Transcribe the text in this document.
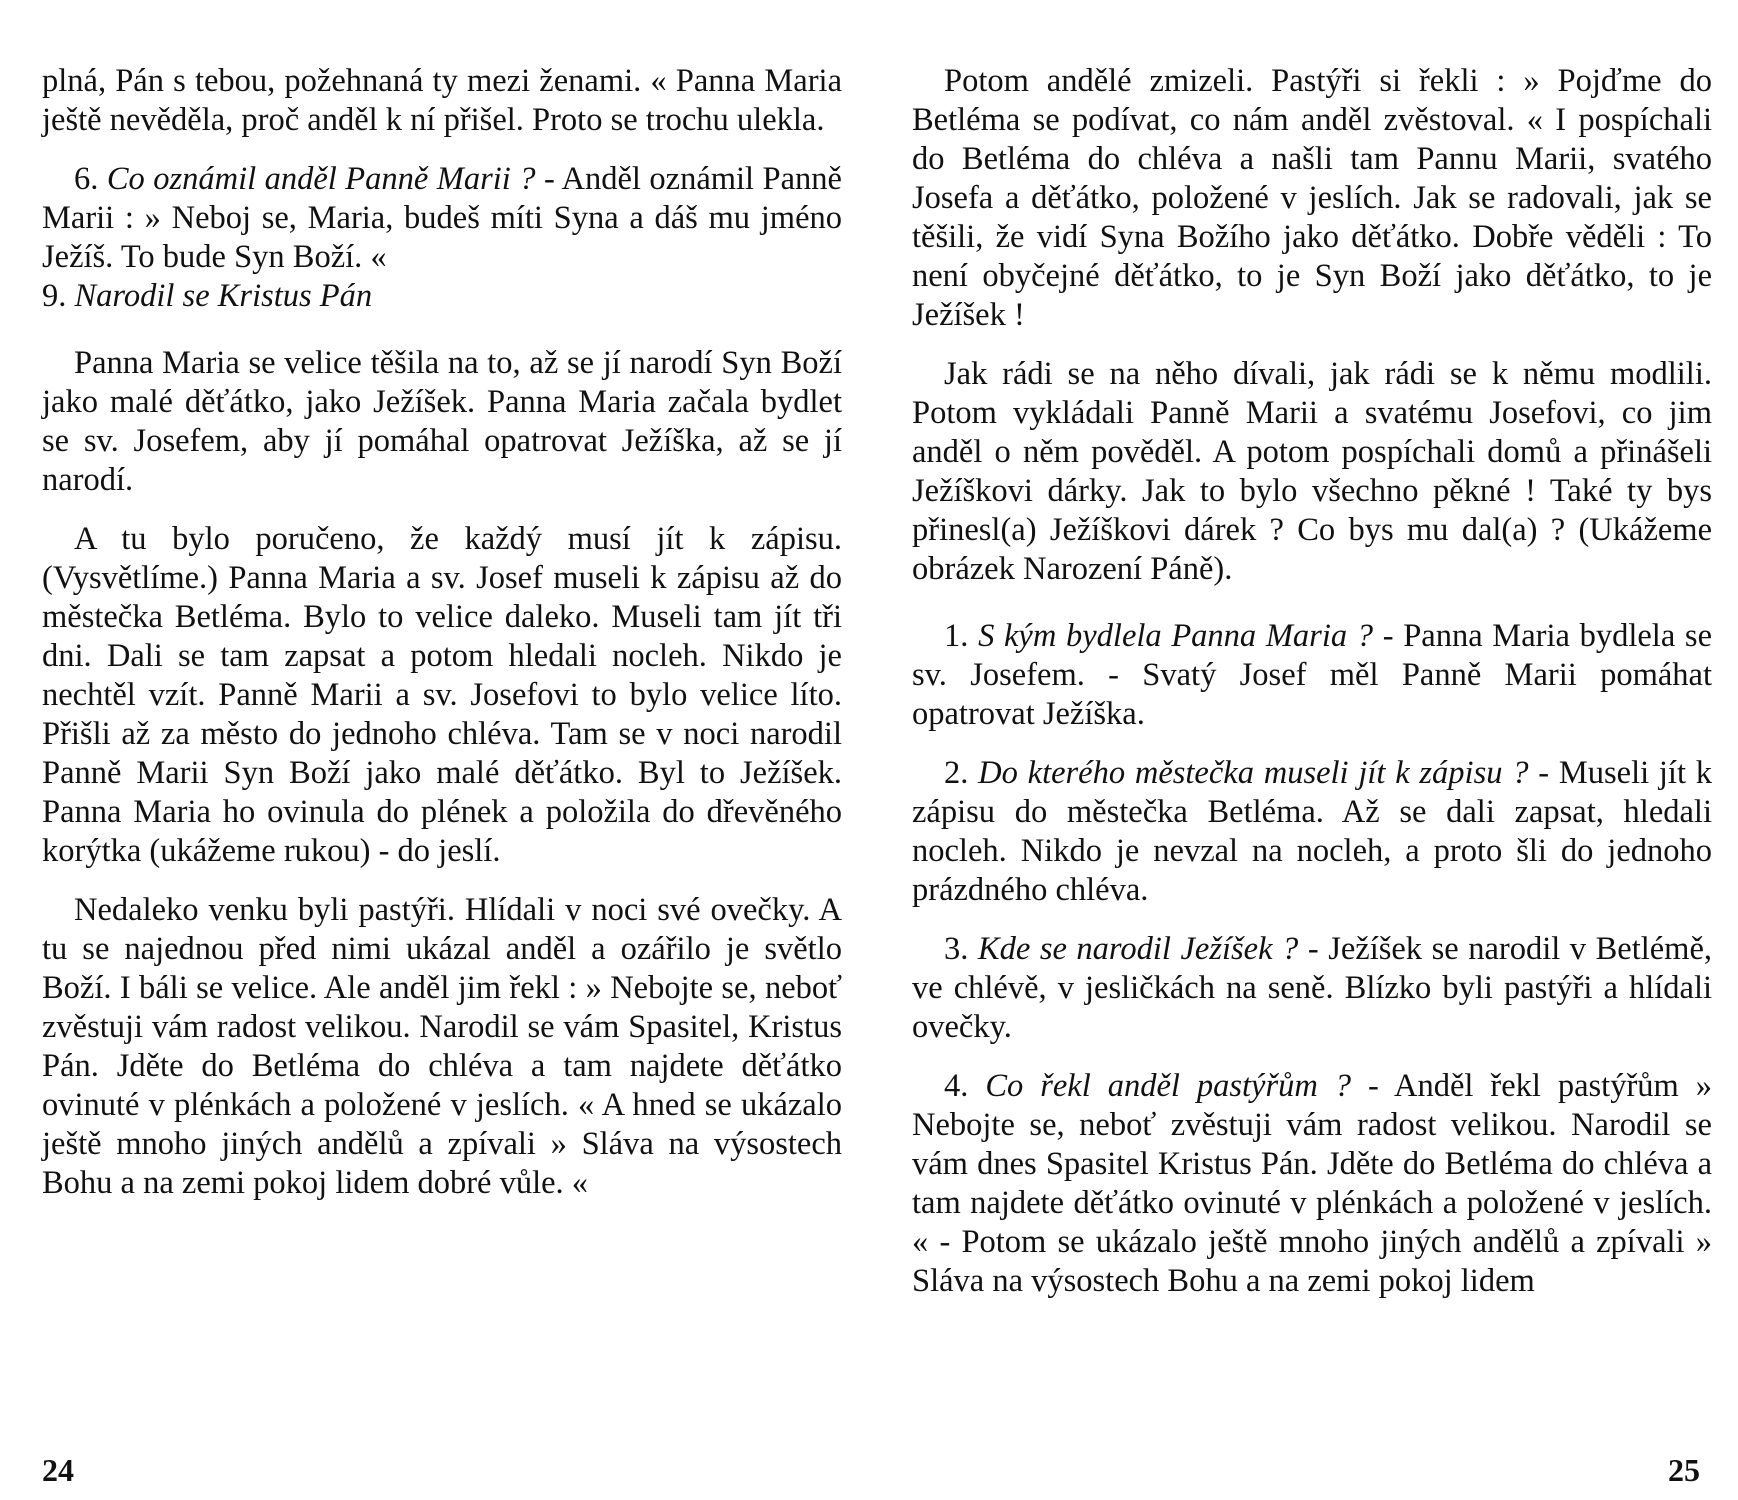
plná, Pán s tebou, požehnaná ty mezi ženami. « Panna Maria ještě nevěděla, proč anděl k ní přišel. Proto se trochu ulekla.

6. Co oznámil anděl Panně Marii ? - Anděl oznámil Panně Marii : » Neboj se, Maria, budeš míti Syna a dáš mu jméno Ježíš. To bude Syn Boží. «

9. Narodil se Kristus Pán

Panna Maria se velice těšila na to, až se jí narodí Syn Boží jako malé děťátko, jako Ježíšek. Panna Maria začala bydlet se sv. Josefem, aby jí pomáhal opatrovat Ježíška, až se jí narodí.

A tu bylo poručeno, že každý musí jít k zápisu. (Vysvětlíme.) Panna Maria a sv. Josef museli k zápisu až do městečka Betléma. Bylo to velice daleko. Museli tam jít tři dni. Dali se tam zapsat a potom hledali nocleh. Nikdo je nechtěl vzít. Panně Marii a sv. Josefovi to bylo velice líto. Přišli až za město do jednoho chléva. Tam se v noci narodil Panně Marii Syn Boží jako malé děťátko. Byl to Ježíšek. Panna Maria ho ovinula do plének a položila do dřevěného korýtka (ukážeme rukou) - do jeslí.

Nedaleko venku byli pastýři. Hlídali v noci své ovečky. A tu se najednou před nimi ukázal anděl a ozářilo je světlo Boží. I báli se velice. Ale anděl jim řekl : » Nebojte se, neboť zvěstuji vám radost velikou. Narodil se vám Spasitel, Kristus Pán. Jděte do Betléma do chléva a tam najdete děťátko ovinuté v plénkách a položené v jeslích. « A hned se ukázalo ještě mnoho jiných andělů a zpívali » Sláva na výsostech Bohu a na zemi pokoj lidem dobré vůle. «

Potom andělé zmizeli. Pastýři si řekli : » Pojďme do Betléma se podívat, co nám anděl zvěstoval. « I pospíchali do Betléma do chléva a našli tam Pannu Marii, svatého Josefa a děťátko, položené v jeslích. Jak se radovali, jak se těšili, že vidí Syna Božího jako děťátko. Dobře věděli : To není obyčejné děťátko, to je Syn Boží jako děťátko, to je Ježíšek !

Jak rádi se na něho dívali, jak rádi se k němu modlili. Potom vykládali Panně Marii a svatému Josefovi, co jim anděl o něm pověděl. A potom pospíchali domů a přinášeli Ježíškovi dárky. Jak to bylo všechno pěkné ! Také ty bys přinesl(a) Ježíškovi dárek ? Co bys mu dal(a) ? (Ukážeme obrázek Narození Páně).

1. S kým bydlela Panna Maria ? - Panna Maria bydlela se sv. Josefem. - Svatý Josef měl Panně Marii pomáhat opatrovat Ježíška.

2. Do kterého městečka museli jít k zápisu ? - Museli jít k zápisu do městečka Betléma. Až se dali zapsat, hledali nocleh. Nikdo je nevzal na nocleh, a proto šli do jednoho prázdného chléva.

3. Kde se narodil Ježíšek ? - Ježíšek se narodil v Betlémě, ve chlévě, v jesličkách na seně. Blízko byli pastýři a hlídali ovečky.

4. Co řekl anděl pastýřům ? - Anděl řekl pastýřům » Nebojte se, neboť zvěstuji vám radost velikou. Narodil se vám dnes Spasitel Kristus Pán. Jděte do Betléma do chléva a tam najdete děťátko ovinuté v plénkách a položené v jeslích. « - Potom se ukázalo ještě mnoho jiných andělů a zpívali » Sláva na výsostech Bohu a na zemi pokoj lidem

24	25
